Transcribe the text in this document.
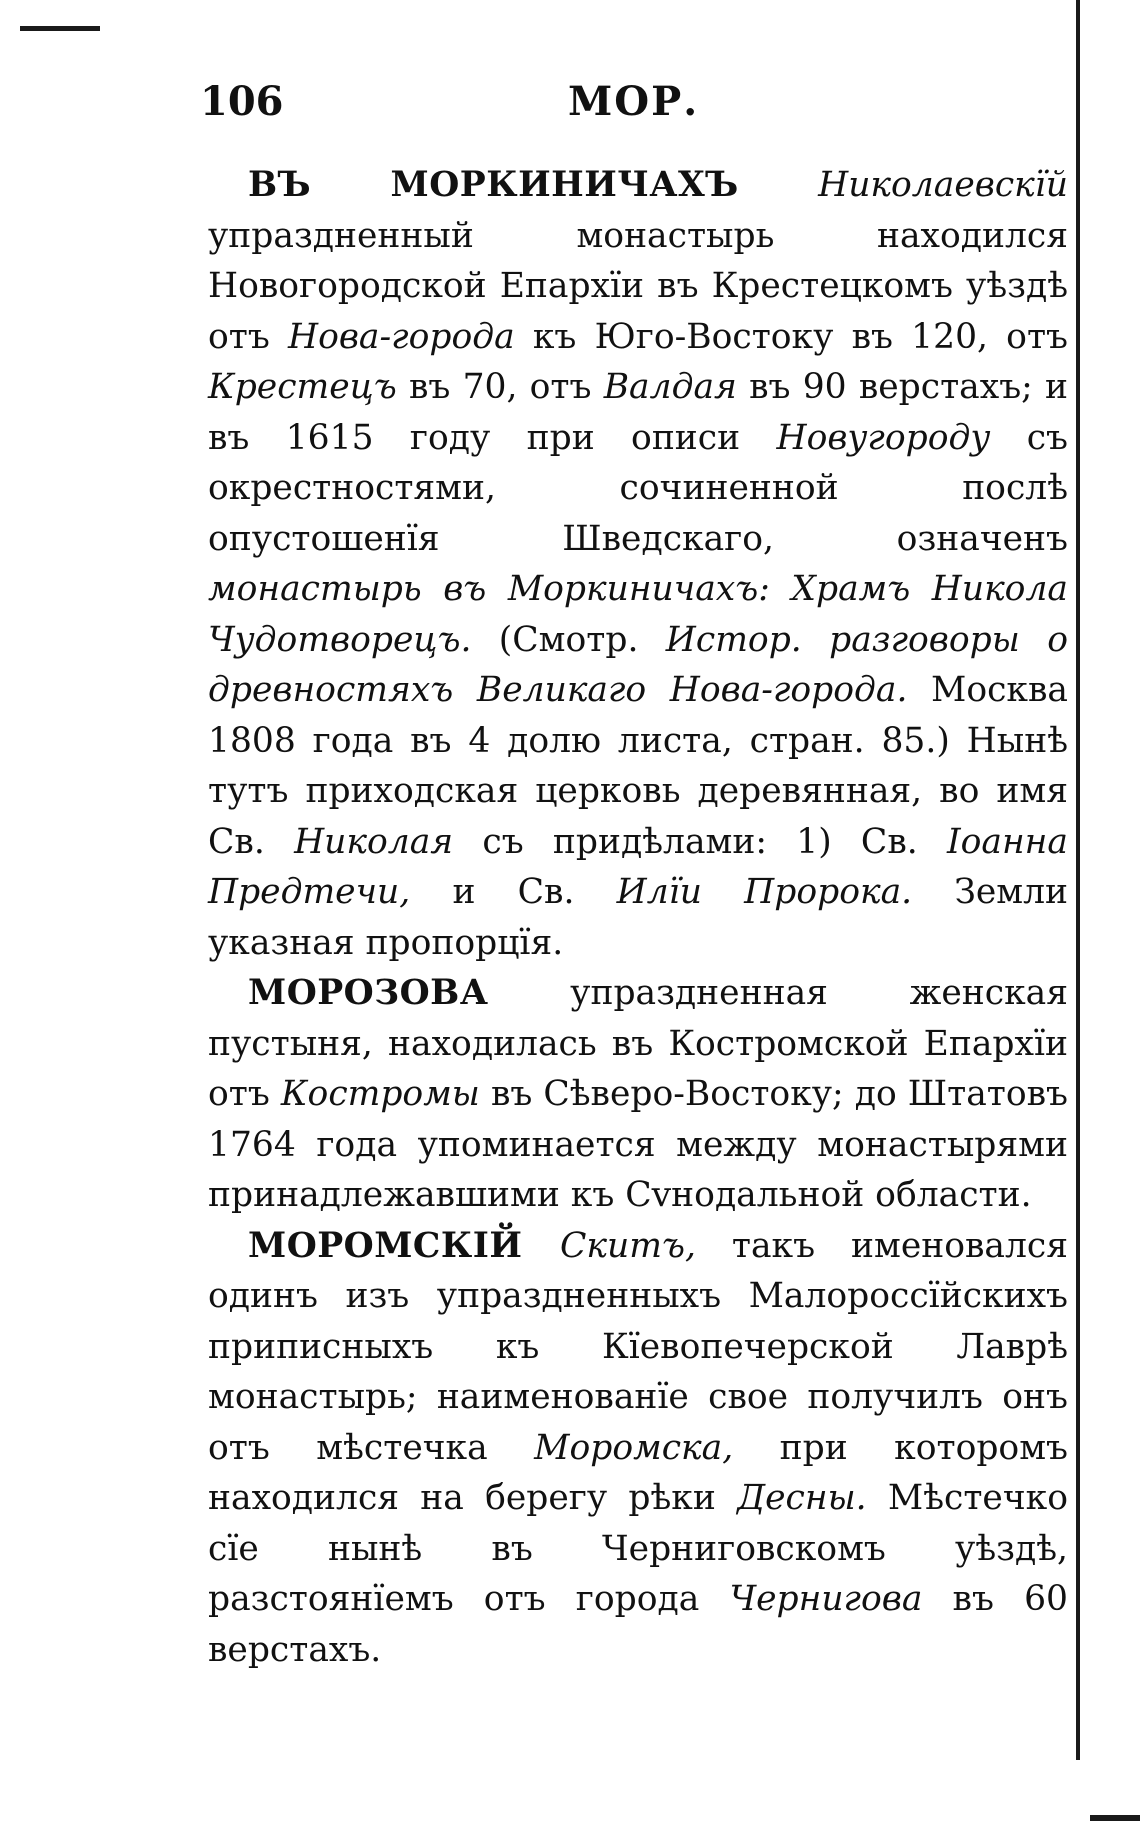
106	МОР.

ВЪ МОРКИНИЧАХЪ Николаевскїй упраздненный монастырь находился Новогородской Епархїи въ Крестецкомъ уѣздѣ отъ Нова-города къ Юго-Востоку въ 120, отъ Крестецъ въ 70, отъ Валдая въ 90 верстахъ; и въ 1615 году при описи Новугороду съ окрестностями, сочиненной послѣ опустошенїя Шведскаго, означенъ монастырь въ Моркиничахъ: Храмъ Никола Чудотворецъ. (Смотр. Истор. разговоры о древностяхъ Великаго Нова-города. Москва 1808 года въ 4 долю листа, стран. 85.) Нынѣ тутъ приходская церковь деревянная, во имя Св. Николая съ придѣлами: 1) Св. Іоанна Предтечи, и Св. Илїи Пророка. Земли указная пропорцїя.

МОРОЗОВА упраздненная женская пустыня, находилась въ Костромской Епархїи отъ Костромы въ Сѣверо-Востоку; до Штатовъ 1764 года упоминается между монастырями принадлежавшими къ Сvнодальной области.

МОРОМСКІЙ Скитъ, такъ именовался одинъ изъ упраздненныхъ Малороссїйскихъ приписныхъ къ Кїевопечерской Лаврѣ монастырь; наименованїе свое получилъ онъ отъ мѣстечка Моромска, при которомъ находился на берегу рѣки Десны. Мѣстечко сїе нынѣ въ Черниговскомъ уѣздѣ, разстоянїемъ отъ города Чернигова въ 60 верстахъ.
